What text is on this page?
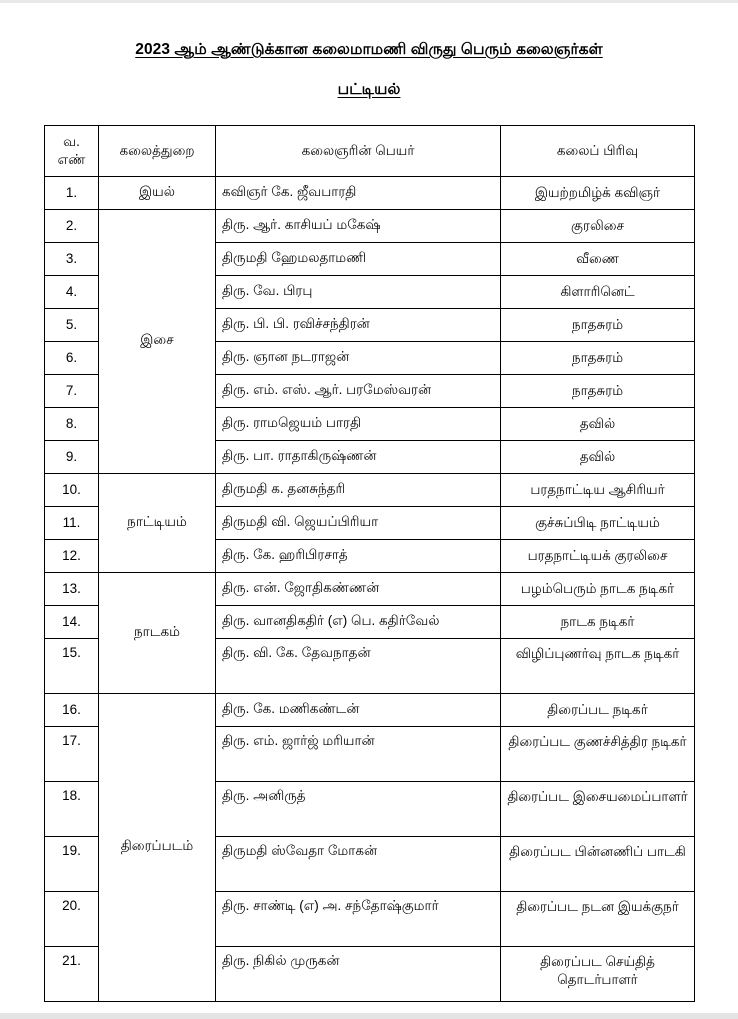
2023 ஆம் ஆண்டுக்கான கலைமாமணி விருது பெரும் கலைஞர்கள்
பட்டியல்
வ. எண்	கலைத்துறை	கலைஞரின் பெயர்	கலைப் பிரிவு
1.	இயல்	கவிஞர் கே. ஜீவபாரதி	இயற்றமிழ்க் கவிஞர்
2.	இசை	திரு. ஆர். காசியப் மகேஷ்	குரலிசை
3.		திருமதி ஹேமலதாமணி	வீணை
4.		திரு. வே. பிரபு	கிளாரினெட்
5.		திரு. பி. பி. ரவிச்சந்திரன்	நாதசுரம்
6.		திரு. ஞான நடராஜன்	நாதசுரம்
7.		திரு. எம். எஸ். ஆர். பரமேஸ்வரன்	நாதசுரம்
8.		திரு. ராமஜெயம் பாரதி	தவில்
9.		திரு. பா. ராதாகிருஷ்ணன்	தவில்
10.	நாட்டியம்	திருமதி க. தனசுந்தரி	பரதநாட்டிய ஆசிரியர்
11.		திருமதி வி. ஜெயப்பிரியா	குச்சுப்பிடி நாட்டியம்
12.		திரு. கே. ஹரிபிரசாத்	பரதநாட்டியக் குரலிசை
13.	நாடகம்	திரு. என். ஜோதிகண்ணன்	பழம்பெரும் நாடக நடிகர்
14.		திரு. வானதிகதிர் (எ) பெ. கதிர்வேல்	நாடக நடிகர்
15.		திரு. வி. கே. தேவநாதன்	விழிப்புணர்வு நாடக நடிகர்
16.	திரைப்படம்	திரு. கே. மணிகண்டன்	திரைப்பட நடிகர்
17.		திரு. எம். ஜார்ஜ் மரியான்	திரைப்பட குணச்சித்திர நடிகர்
18.		திரு. அனிருத்	திரைப்பட இசையமைப்பாளர்
19.		திருமதி ஸ்வேதா மோகன்	திரைப்பட பின்னணிப் பாடகி
20.		திரு. சாண்டி (எ) அ. சந்தோஷ்குமார்	திரைப்பட நடன இயக்குநர்
21.		திரு. நிகில் முருகன்	திரைப்பட செய்தித் தொடர்பாளர்
